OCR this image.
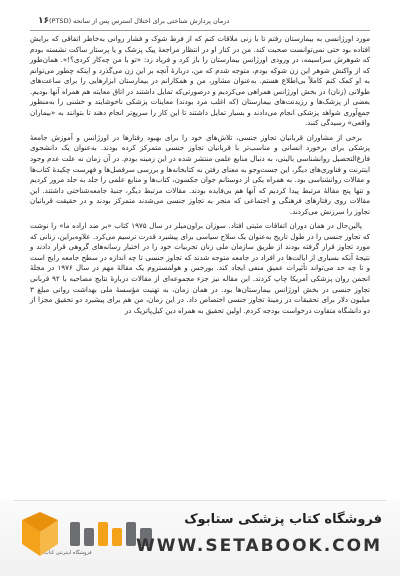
۱۶ درمان پردازش شناختی برای اختلال استرس پس از سانحه (PTSD)

مورد اورژانسی به بیمارستان رفتم تا با زنی ملاقات کنم که از فرط شوک و فشار روانی به‌خاطر اتفاقی که برایش افتاده بود حتی نمی‌توانست صحبت کند. من در کنار او در انتظار مراجعهٔ پیک پزشک و یا پرستار ساکت نشسته بودم که شوهرش سراسیمه، در ورودی اورژانس بیمارستان را باز کرد و فریاد زد: «تو با من چه‌کار کردی؟!». همان‌طور که از واکنش شوهر این زن شوکه بودم، متوجه شدم که من، دربارهٔ آنچه بر این زن می‌گذرد و اینکه چطور می‌توانم به او کمک کنم کاملاً بی‌اطلاع هستم. به‌عنوان مشاور، من و همکارانم در بیمارستان ابزارهایی را برای ساعت‌های طولانی (زنان) در بخش اورژانس همراهی می‌کردیم و درصورتی‌که تمایل داشتند در اتاق معاینه هم همراه آنها بودیم. بعضی از پزشک‌ها و رزیدنت‌های بیمارستان (که اغلب مرد بودند) معاینات پزشکی ناخوشایند و خشنی را به‌منظور جمع‌آوری شواهد پزشکی انجام می‌دادند و بسیار تمایل داشتند تا این کار را سریع‌تر انجام دهند تا بتوانند به «بیماران واقعی» رسیدگی کنند.

برخی از مشاوران قربانیان تجاوز جنسی، تلاش‌های خود را برای بهبود رفتارها در اورژانس و آموزش جامعهٔ پزشکی برای برخورد انسانی و مناسب‌تر با قربانیان تجاوز جنسی متمرکز کرده بودند. به‌عنوان یک دانشجوی فارغ‌التحصیل روانشناسی بالینی، به دنبال منابع علمی منتشر شده در این زمینه بودم. در آن زمان نه علت عدم وجود اینترنت و فناوری‌های دیگر، این جست‌وجو به معنای رفتن به کتابخانه‌ها و بررسی سرفصل‌ها و فهرست چکیدهٔ کتاب‌ها و مقالات روانشناسی بود. به همراه یکی از دوستانم جوان جکسون، کتاب‌ها و منابع علمی را جلد به جلد مرور کردیم و تنها پنج مقالهٔ مرتبط پیدا کردیم که آنها هم بی‌فایده بودند. مقالات مرتبط دیگر، جنبهٔ جامعه‌شناختی داشتند. این مقالات روی رفتارهای فرهنگی و اجتماعی که منجر به تجاوز جنسی می‌شدند متمرکز بودند و در حقیقت قربانیان تجاوز را سرزنش می‌کردند.

پالین‌حال در همان دوران اتفاقات مثبتی افتاد. سوزان براون‌میلر در سال ۱۹۷۵ کتاب «بر ضد اراده ما» را نوشت که تجاوز جنسی را در طول تاریخ به‌عنوان یک سلاح سیاسی برای پیشبرد قدرت ترسیم می‌کرد. علاوه‌براین، زنانی که مورد تجاوز قرار گرفته بودند از طریق سازمان ملی زنان تجربیات خود را در اختیار رسانه‌های گروهی قرار دادند و نتیجهٔ آنکه بسیاری از ایالت‌ها در افراد در جامعه متوجه شدند که تجاوز جنسی تا چه اندازه در سطح جامعه رایج است و تا چه حد می‌تواند تأثیرات عمیق منفی ایجاد کند. بورجس و هولمستروم یک مقالهٔ مهم در سال ۱۹۷۶ در مجلهٔ انجمن روان پزشکی آمریکا چاپ کردند. این مقاله نیز جزء مجموعه‌ای از مقالات دربارهٔ نتایج مصاحبه با ۹۲ قربانی تجاوز جنسی در بخش اورژانس بیمارستان‌ها بود. در همان زمان، به تهنیت مؤسسهٔ ملی بهداشت روانی مبلغ ۳ میلیون دلار برای تحقیقات در زمینهٔ تجاوز جنسی اختصاص داد. در این زمان، من هم برای پیشبرد دو تحقیق مجزا از دو دانشگاه متفاوت درخواست بودجه کردم. اولین تحقیق به همراه دین کیل‌پاتریک در

فروشگاه اینترنتی کتاب
فروشگاه کتاب پزشکی ستابوک
WWW.SETABOOK.COM
